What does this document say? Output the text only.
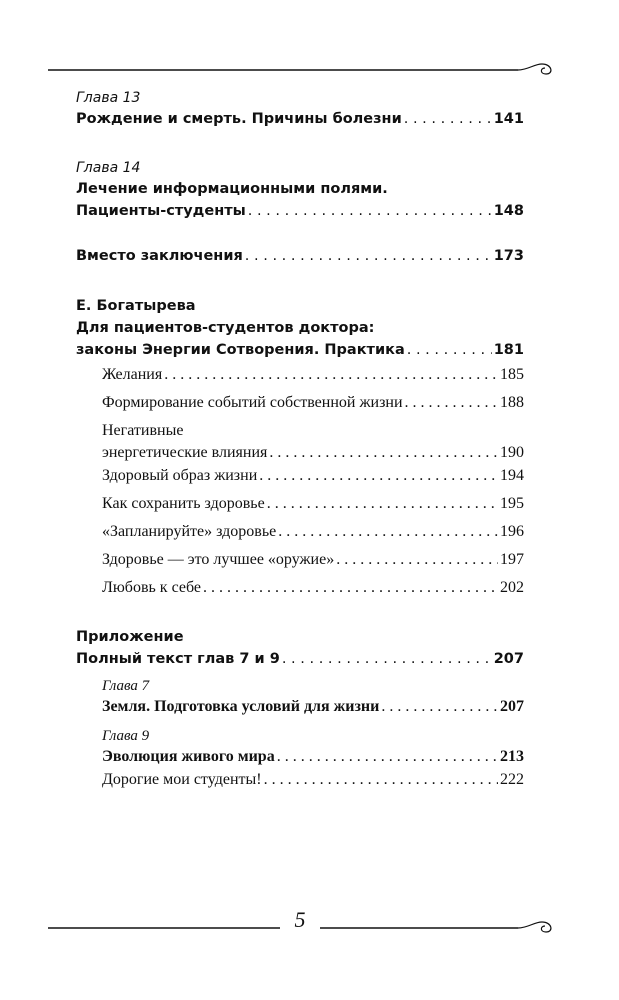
Глава 13
Рождение и смерть. Причины болезни . . .	141
Глава 14
Лечение информационными полями.
Пациенты-студенты . . .	148
Вместо заключения . . .	173
Е. Богатырева
Для пациентов-студентов доктора:
законы Энергии Сотворения. Практика . . .	181
Желания . . .	185
Формирование событий собственной жизни . . .	188
Негативные
энергетические влияния . . .	190
Здоровый образ жизни . . .	194
Как сохранить здоровье . . .	195
«Запланируйте» здоровье . . .	196
Здоровье — это лучшее «оружие» . . .	197
Любовь к себе . . .	202
Приложение
Полный текст глав 7 и 9 . . .	207
Глава 7
Земля. Подготовка условий для жизни . . .	207
Глава 9
Эволюция живого мира . . .	213
Дорогие мои студенты! . . .	222
5
